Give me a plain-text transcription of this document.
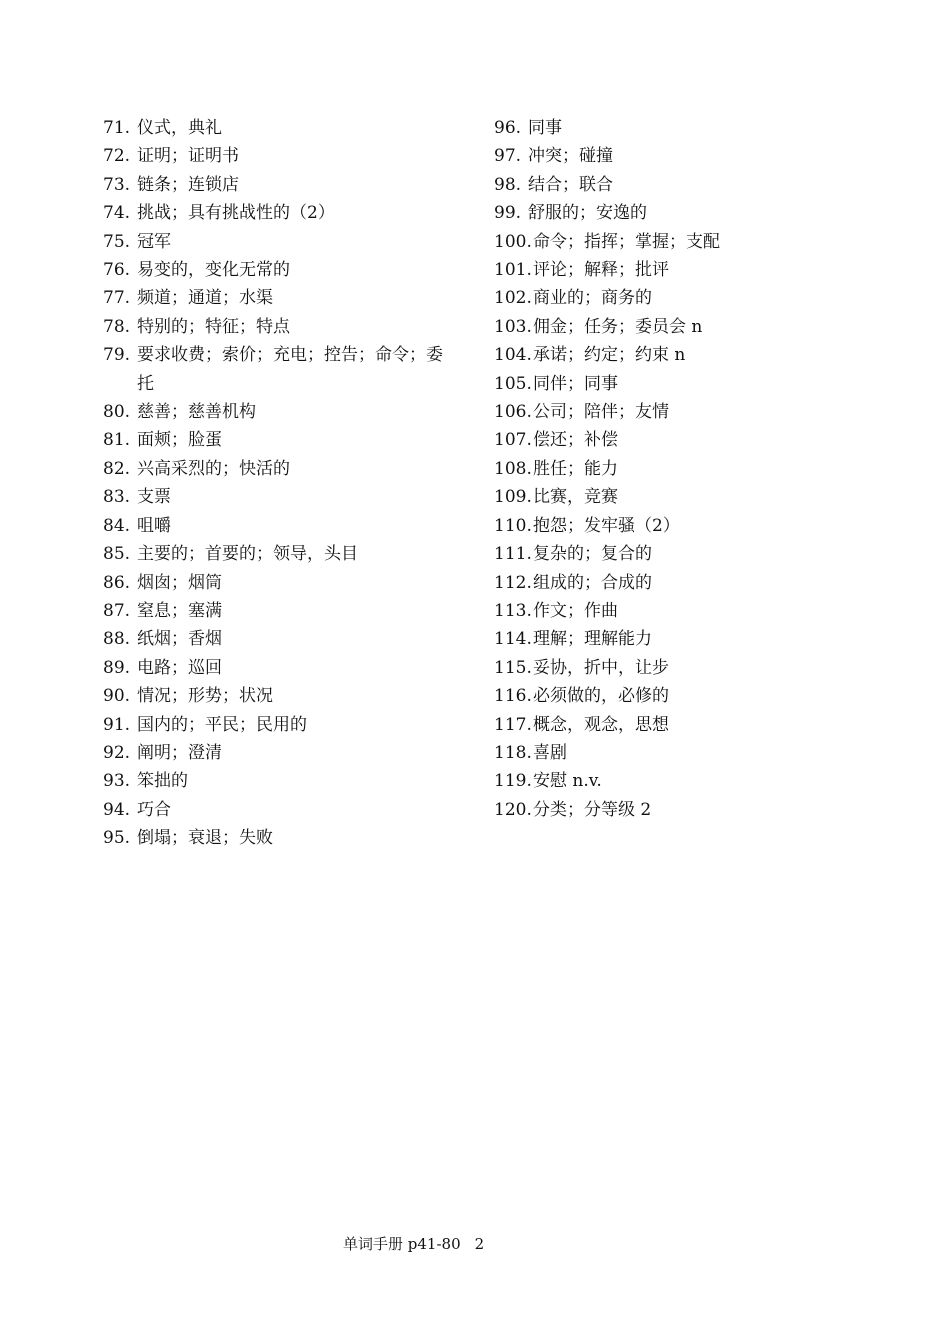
71. 仪式，典礼
72. 证明；证明书
73. 链条；连锁店
74. 挑战；具有挑战性的（2）
75. 冠军
76. 易变的，变化无常的
77. 频道；通道；水渠
78. 特别的；特征；特点
79. 要求收费；索价；充电；控告；命令；委托
80. 慈善；慈善机构
81. 面颊；脸蛋
82. 兴高采烈的；快活的
83. 支票
84. 咀嚼
85. 主要的；首要的；领导，头目
86. 烟囱；烟筒
87. 窒息；塞满
88. 纸烟；香烟
89. 电路；巡回
90. 情况；形势；状况
91. 国内的；平民；民用的
92. 阐明；澄清
93. 笨拙的
94. 巧合
95. 倒塌；衰退；失败
96. 同事
97. 冲突；碰撞
98. 结合；联合
99. 舒服的；安逸的
100. 命令；指挥；掌握；支配
101. 评论；解释；批评
102. 商业的；商务的
103. 佣金；任务；委员会 n
104. 承诺；约定；约束 n
105. 同伴；同事
106. 公司；陪伴；友情
107. 偿还；补偿
108. 胜任；能力
109. 比赛，竞赛
110. 抱怨；发牢骚（2）
111. 复杂的；复合的
112. 组成的；合成的
113. 作文；作曲
114. 理解；理解能力
115. 妥协，折中，让步
116. 必须做的，必修的
117. 概念，观念，思想
118. 喜剧
119. 安慰 n.v.
120. 分类；分等级 2
单词手册 p41-80 2
